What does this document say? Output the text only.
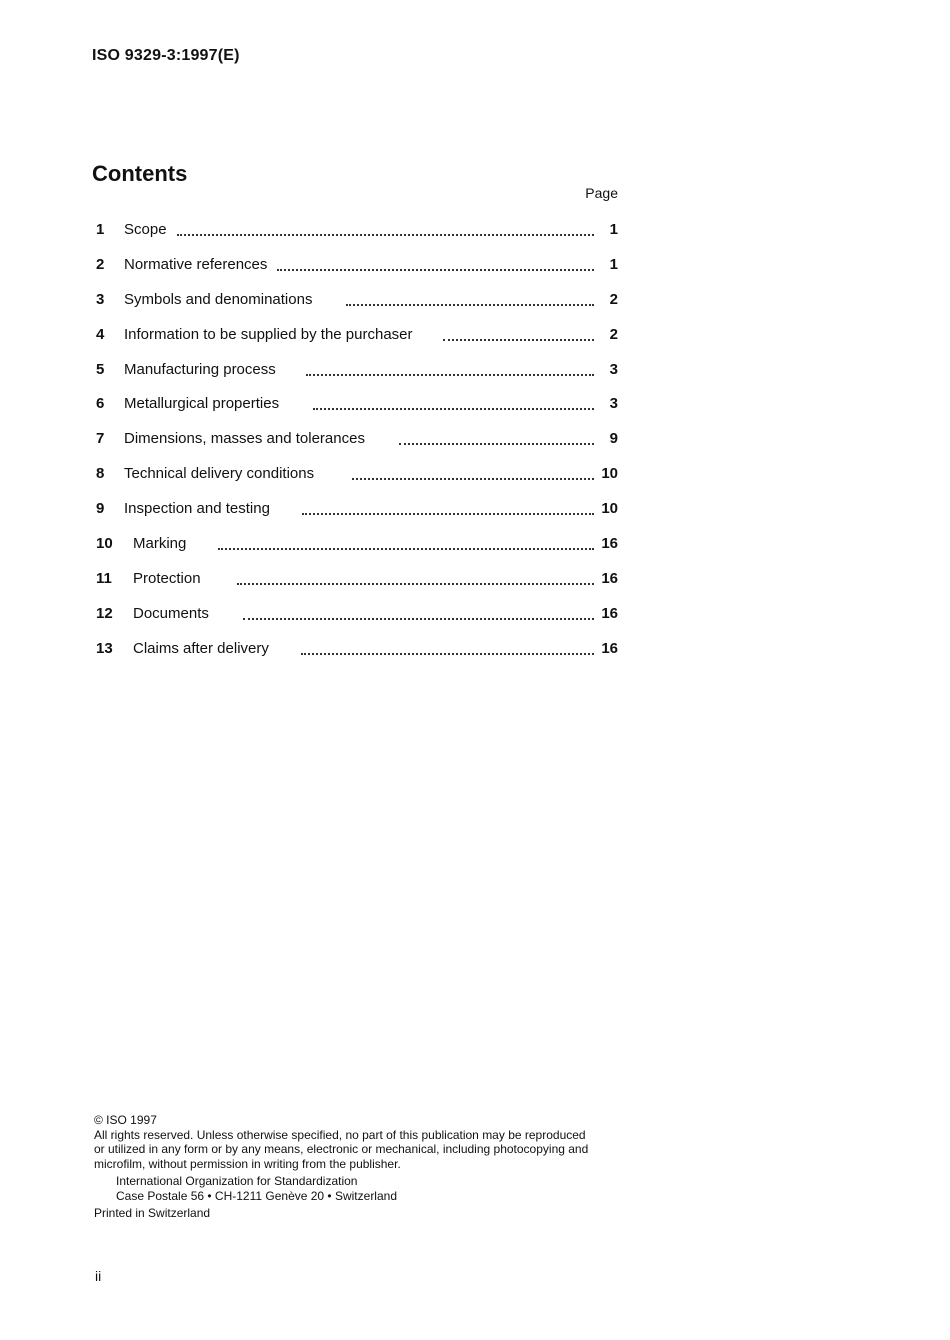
ISO 9329-3:1997(E)
Contents
Page
1	Scope	1
2	Normative references	1
3	Symbols and denominations	2
4	Information to be supplied by the purchaser	2
5	Manufacturing process	3
6	Metallurgical properties	3
7	Dimensions, masses and tolerances	9
8	Technical delivery conditions	10
9	Inspection and testing	10
10	Marking	16
11	Protection	16
12	Documents	16
13	Claims after delivery	16
© ISO 1997
All rights reserved. Unless otherwise specified, no part of this publication may be reproduced
or utilized in any form or by any means, electronic or mechanical, including photocopying and
microfilm, without permission in writing from the publisher.
International Organization for Standardization
Case Postale 56 • CH-1211 Genève 20 • Switzerland
Printed in Switzerland
ii
